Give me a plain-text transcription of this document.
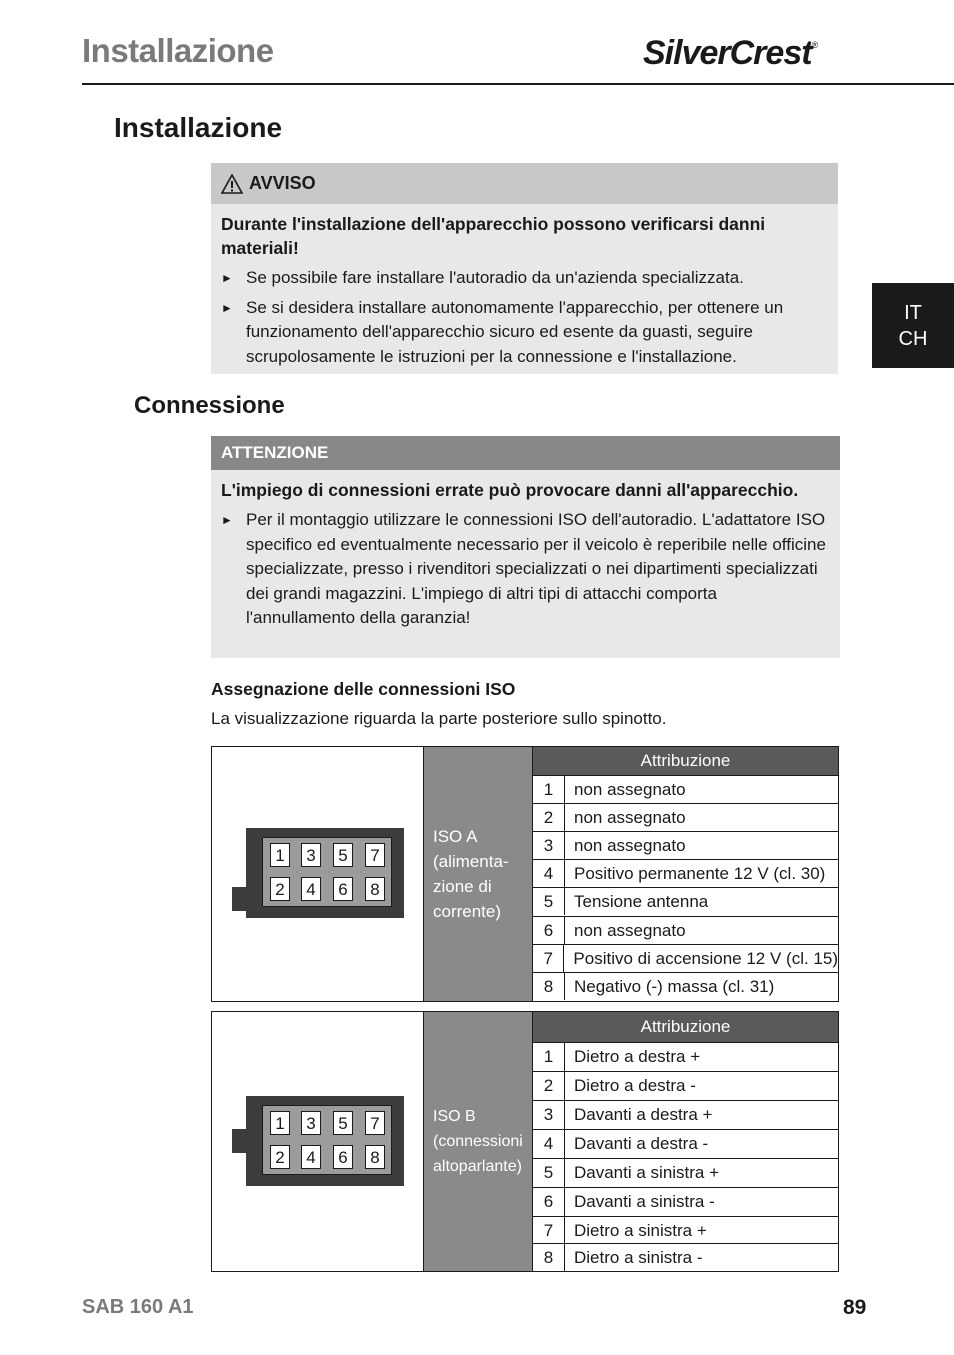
Installazione	SilverCrest®
IT
CH
Installazione
AVVISO
Durante l'installazione dell'apparecchio possono verificarsi danni materiali!
► Se possibile fare installare l'autoradio da un'azienda specializzata.
► Se si desidera installare autonomamente l'apparecchio, per ottenere un funzionamento dell'apparecchio sicuro ed esente da guasti, seguire scrupolosamente le istruzioni per la connessione e l'installazione.
Connessione
ATTENZIONE
L'impiego di connessioni errate può provocare danni all'apparecchio.
► Per il montaggio utilizzare le connessioni ISO dell'autoradio. L'adattatore ISO specifico ed eventualmente necessario per il veicolo è reperibile nelle officine specializzate, presso i rivenditori specializzati o nei dipartimenti specializzati dei grandi magazzini. L'impiego di altri tipi di attacchi comporta l'annullamento della garanzia!
Assegnazione delle connessioni ISO
La visualizzazione riguarda la parte posteriore sullo spinotto.
1	3	5	7
2	4	6	8
ISO A (alimenta-zione di corrente)
Attribuzione
1	non assegnato
2	non assegnato
3	non assegnato
4	Positivo permanente 12 V (cl. 30)
5	Tensione antenna
6	non assegnato
7	Positivo di accensione 12 V (cl. 15)
8	Negativo (-) massa (cl. 31)
1	3	5	7
2	4	6	8
ISO B (connessioni altoparlante)
Attribuzione
1	Dietro a destra +
2	Dietro a destra -
3	Davanti a destra +
4	Davanti a destra -
5	Davanti a sinistra +
6	Davanti a sinistra -
7	Dietro a sinistra +
8	Dietro a sinistra -
SAB 160 A1	89
